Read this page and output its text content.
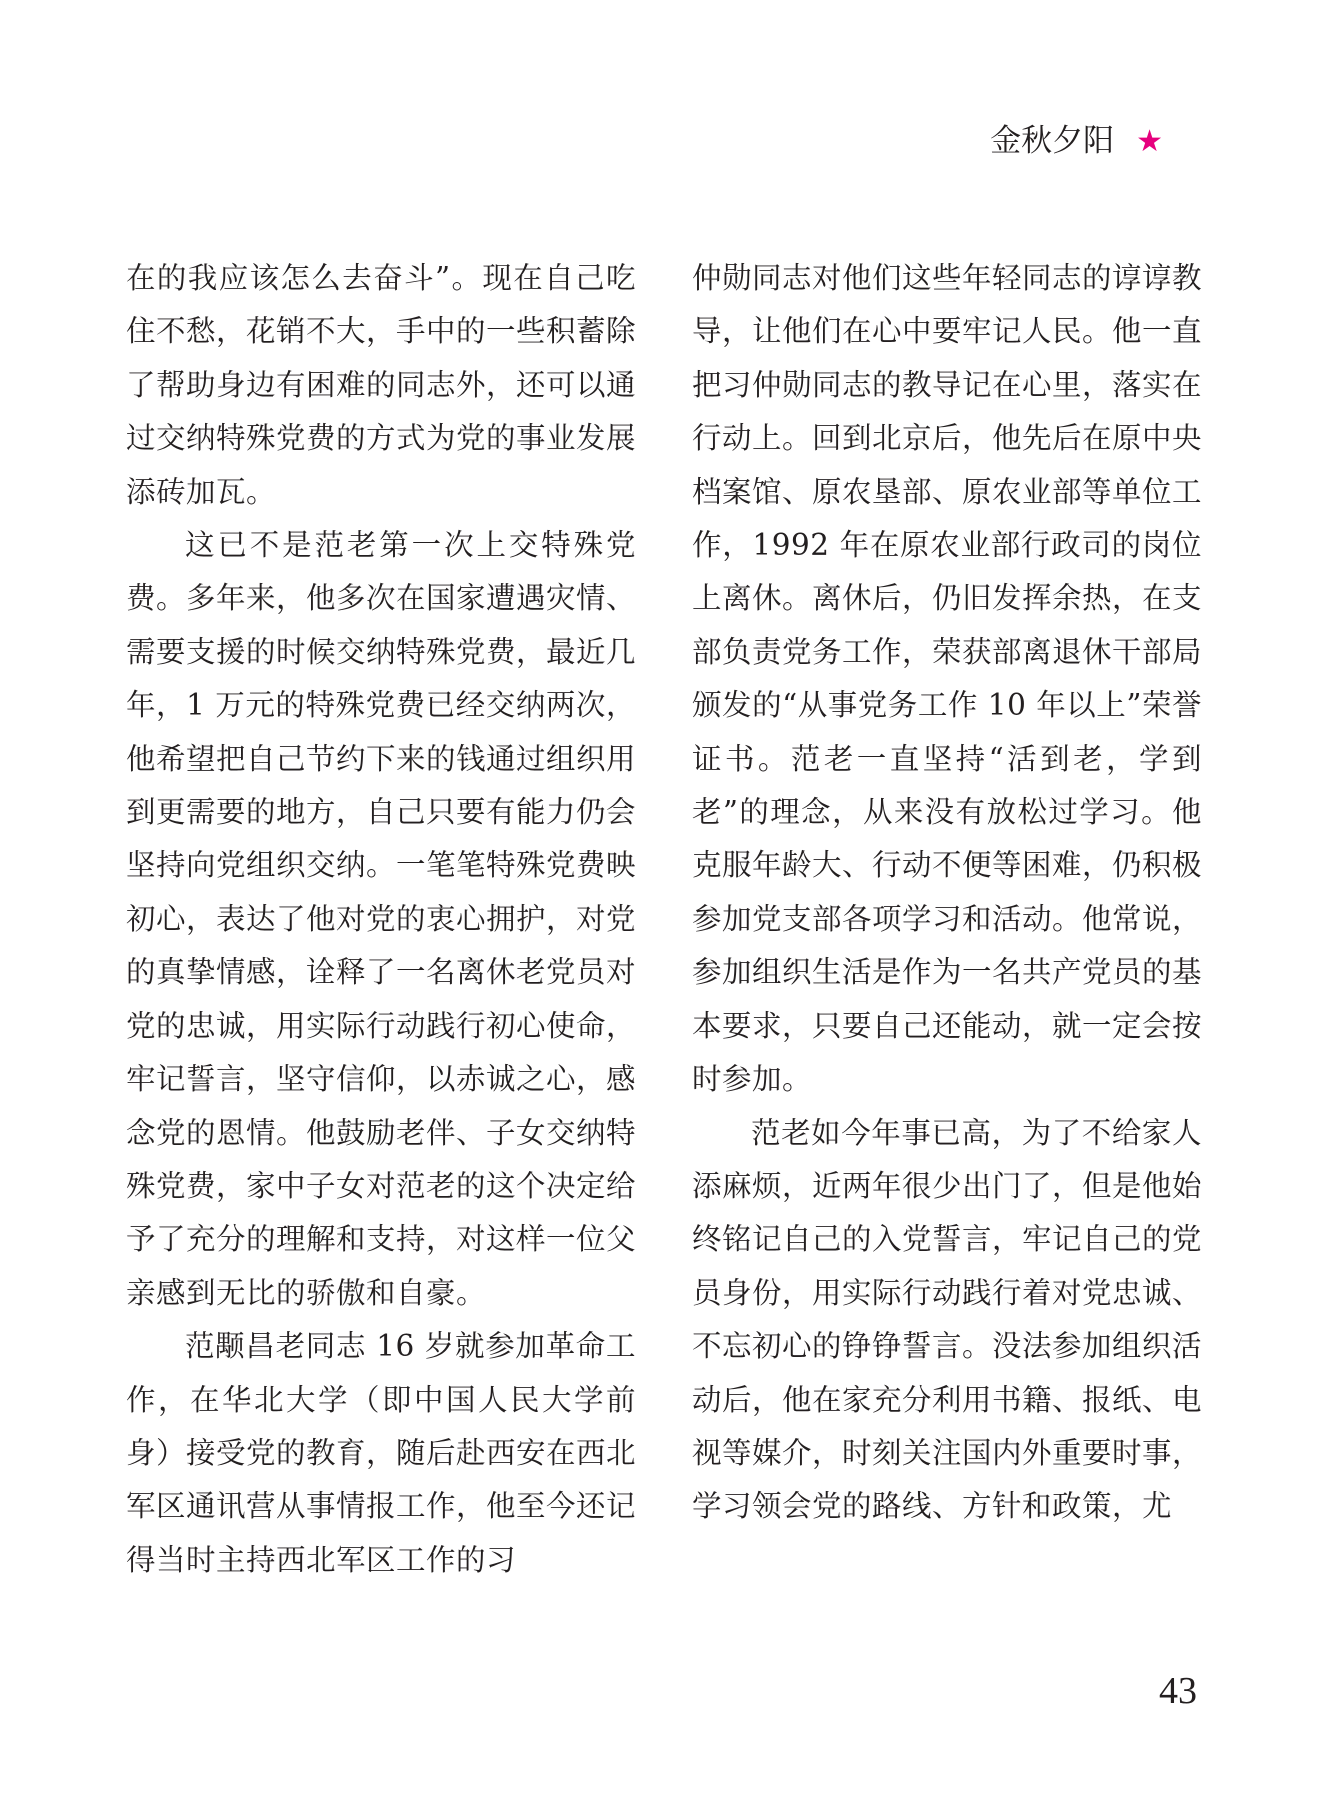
金秋夕阳 ★

在的我应该怎么去奋斗”。现在自己吃住不愁，花销不大，手中的一些积蓄除了帮助身边有困难的同志外，还可以通过交纳特殊党费的方式为党的事业发展添砖加瓦。

这已不是范老第一次上交特殊党费。多年来，他多次在国家遭遇灾情、需要支援的时候交纳特殊党费，最近几年，1 万元的特殊党费已经交纳两次，他希望把自己节约下来的钱通过组织用到更需要的地方，自己只要有能力仍会坚持向党组织交纳。一笔笔特殊党费映初心，表达了他对党的衷心拥护，对党的真挚情感，诠释了一名离休老党员对党的忠诚，用实际行动践行初心使命，牢记誓言，坚守信仰，以赤诚之心，感念党的恩情。他鼓励老伴、子女交纳特殊党费，家中子女对范老的这个决定给予了充分的理解和支持，对这样一位父亲感到无比的骄傲和自豪。

范颙昌老同志 16 岁就参加革命工作，在华北大学（即中国人民大学前身）接受党的教育，随后赴西安在西北军区通讯营从事情报工作，他至今还记得当时主持西北军区工作的习

仲勋同志对他们这些年轻同志的谆谆教导，让他们在心中要牢记人民。他一直把习仲勋同志的教导记在心里，落实在行动上。回到北京后，他先后在原中央档案馆、原农垦部、原农业部等单位工作，1992 年在原农业部行政司的岗位上离休。离休后，仍旧发挥余热，在支部负责党务工作，荣获部离退休干部局颁发的“从事党务工作 10 年以上”荣誉证书。范老一直坚持“活到老，学到老”的理念，从来没有放松过学习。他克服年龄大、行动不便等困难，仍积极参加党支部各项学习和活动。他常说，参加组织生活是作为一名共产党员的基本要求，只要自己还能动，就一定会按时参加。

范老如今年事已高，为了不给家人添麻烦，近两年很少出门了，但是他始终铭记自己的入党誓言，牢记自己的党员身份，用实际行动践行着对党忠诚、不忘初心的铮铮誓言。没法参加组织活动后，他在家充分利用书籍、报纸、电视等媒介，时刻关注国内外重要时事，学习领会党的路线、方针和政策，尤

43
